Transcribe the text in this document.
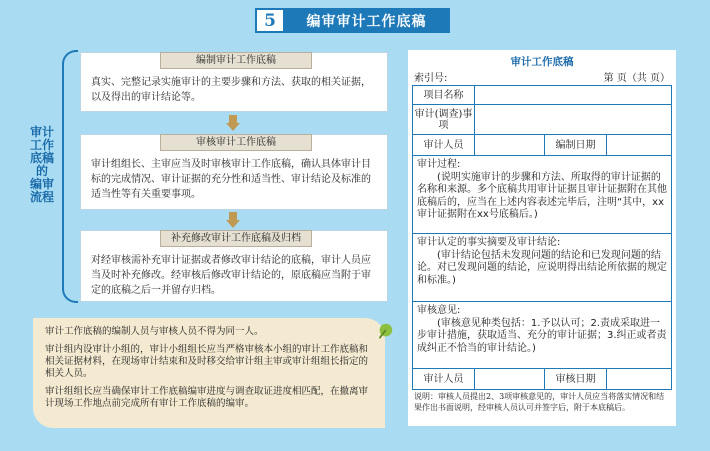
5	编审审计工作底稿
审计
工作
底稿
的
编审
流程
编制审计工作底稿
真实、完整记录实施审计的主要步骤和方法、获取的相关证据，以及得出的审计结论等。
审核审计工作底稿
审计组组长、主审应当及时审核审计工作底稿，确认具体审计目标的完成情况、审计证据的充分性和适当性、审计结论及标准的适当性等有关重要事项。
补充修改审计工作底稿及归档
对经审核需补充审计证据或者修改审计结论的底稿，审计人员应当及时补充修改。经审核后修改审计结论的，原底稿应当附于审定的底稿之后一并留存归档。

审计工作底稿的编制人员与审核人员不得为同一人。

审计组内设审计小组的，审计小组组长应当严格审核本小组的审计工作底稿和相关证据材料，在现场审计结束和及时移交给审计组主审或审计组组长指定的相关人员。

审计组组长应当确保审计工作底稿编审进度与调查取证进度相匹配，在撤离审计现场工作地点前完成所有审计工作底稿的编审。

审计工作底稿
索引号:	第 页（共 页）
项目名称
审计(调查)事项
审计人员	编制日期
审计过程:
(说明实施审计的步骤和方法、所取得的审计证据的名称和来源。多个底稿共用审计证据且审计证据附在其他底稿后的，应当在上述内容表述完毕后，注明“其中，xx审计证据附在xx号底稿后。)
审计认定的事实摘要及审计结论:
(审计结论包括未发现问题的结论和已发现问题的结论。对已发现问题的结论，应说明得出结论所依据的规定和标准。)
审核意见:
(审核意见种类包括：1.予以认可；2.责成采取进一步审计措施，获取适当、充分的审计证据；3.纠正或者责成纠正不恰当的审计结论。)
审计人员	审核日期
说明：审核人员提出2、3项审核意见的，审计人员应当将落实情况和结果作出书面说明，经审核人员认可并签字后，附于本底稿后。
